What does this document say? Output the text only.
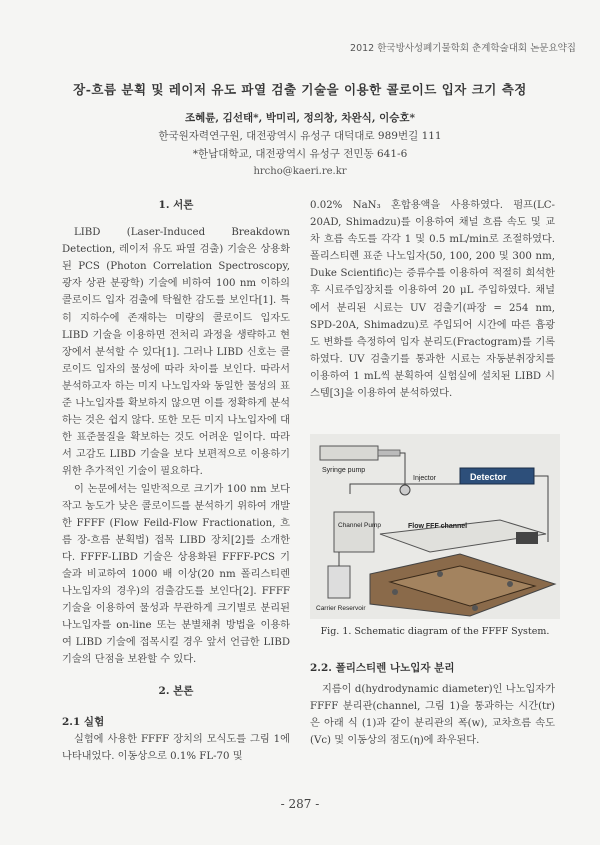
2012 한국방사성폐기물학회 춘계학술대회 논문요약집
장-흐름 분획 및 레이저 유도 파열 검출 기술을 이용한 콜로이드 입자 크기 측정
조혜륜, 김선태*, 박미리, 정의창, 차완식, 이승호*
한국원자력연구원, 대전광역시 유성구 대덕대로 989번길 111
*한남대학교, 대전광역시 유성구 전민동 641-6
hrcho@kaeri.re.kr

1. 서론

LIBD (Laser-Induced Breakdown Detection, 레이저 유도 파열 검출) 기술은 상용화된 PCS (Photon Correlation Spectroscopy, 광자 상관 분광학) 기술에 비하여 100 nm 이하의 콜로이드 입자 검출에 탁월한 감도를 보인다[1]. 특히 지하수에 존재하는 미량의 콜로이드 입자도 LIBD 기술을 이용하면 전처리 과정을 생략하고 현장에서 분석할 수 있다[1]. 그러나 LIBD 신호는 콜로이드 입자의 물성에 따라 차이를 보인다. 따라서 분석하고자 하는 미지 나노입자와 동일한 물성의 표준 나노입자를 확보하지 않으면 이를 정확하게 분석하는 것은 쉽지 않다. 또한 모든 미지 나노입자에 대한 표준물질을 확보하는 것도 어려운 일이다. 따라서 고감도 LIBD 기술을 보다 보편적으로 이용하기 위한 추가적인 기술이 필요하다.

이 논문에서는 일반적으로 크기가 100 nm 보다 작고 농도가 낮은 콜로이드를 분석하기 위하여 개발한 FFFF (Flow Feild-Flow Fractionation, 흐름 장-흐름 분획법) 접목 LIBD 장치[2]를 소개한다. FFFF-LIBD 기술은 상용화된 FFFF-PCS 기술과 비교하여 1000 배 이상(20 nm 폴리스티렌 나노입자의 경우)의 검출감도를 보인다[2]. FFFF 기술을 이용하여 물성과 무관하게 크기별로 분리된 나노입자를 on-line 또는 분별채취 방법을 이용하여 LIBD 기술에 접목시킬 경우 앞서 언급한 LIBD 기술의 단점을 보완할 수 있다.

2. 본론

2.1 실험

실험에 사용한 FFFF 장치의 모식도를 그림 1에 나타내었다. 이동상으로 0.1% FL-70 및

0.02% NaN₃ 혼합용액을 사용하였다. 펌프(LC-20AD, Shimadzu)를 이용하여 채널 흐름 속도 및 교차 흐름 속도를 각각 1 및 0.5 mL/min로 조절하였다. 폴리스티렌 표준 나노입자(50, 100, 200 및 300 nm, Duke Scientific)는 증류수를 이용하여 적절히 희석한 후 시료주입장치를 이용하여 20 μL 주입하였다. 채널에서 분리된 시료는 UV 검출기(파장 = 254 nm, SPD-20A, Shimadzu)로 주입되어 시간에 따른 흡광도 변화를 측정하여 입자 분리도(Fractogram)를 기록하였다. UV 검출기를 통과한 시료는 자동분취장치를 이용하여 1 mL씩 분획하여 실험실에 설치된 LIBD 시스템[3]을 이용하여 분석하였다.

Syringe pump
Injector	Detector
Channel Pump	Flow FFF channel
Carrier Reservoir
Fig. 1. Schematic diagram of the FFFF System.

2.2. 폴리스티렌 나노입자 분리

지름이 d(hydrodynamic diameter)인 나노입자가 FFFF 분리관(channel, 그림 1)을 통과하는 시간(tr)은 아래 식 (1)과 같이 분리관의 폭(w), 교차흐름 속도(Vc) 및 이동상의 점도(η)에 좌우된다.

- 287 -
